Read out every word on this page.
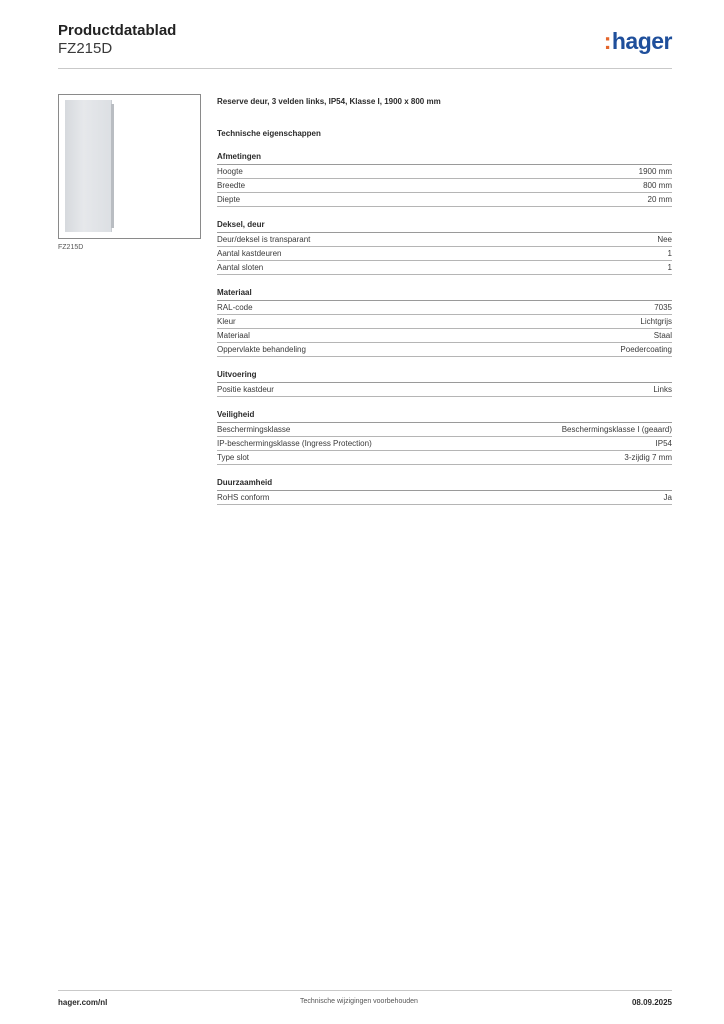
Productdatablad
FZ215D	:hager
FZ215D
Reserve deur, 3 velden links, IP54, Klasse I, 1900 x 800 mm
Technische eigenschappen
Afmetingen
Hoogte	1900 mm
Breedte	800 mm
Diepte	20 mm
Deksel, deur
Deur/deksel is transparant	Nee
Aantal kastdeuren	1
Aantal sloten	1
Materiaal
RAL-code	7035
Kleur	Lichtgrijs
Materiaal	Staal
Oppervlakte behandeling	Poedercoating
Uitvoering
Positie kastdeur	Links
Veiligheid
Beschermingsklasse	Beschermingsklasse I (geaard)
IP-beschermingsklasse (Ingress Protection)	IP54
Type slot	3-zijdig 7 mm
Duurzaamheid
RoHS conform	Ja
hager.com/nl	Technische wijzigingen voorbehouden	08.09.2025
